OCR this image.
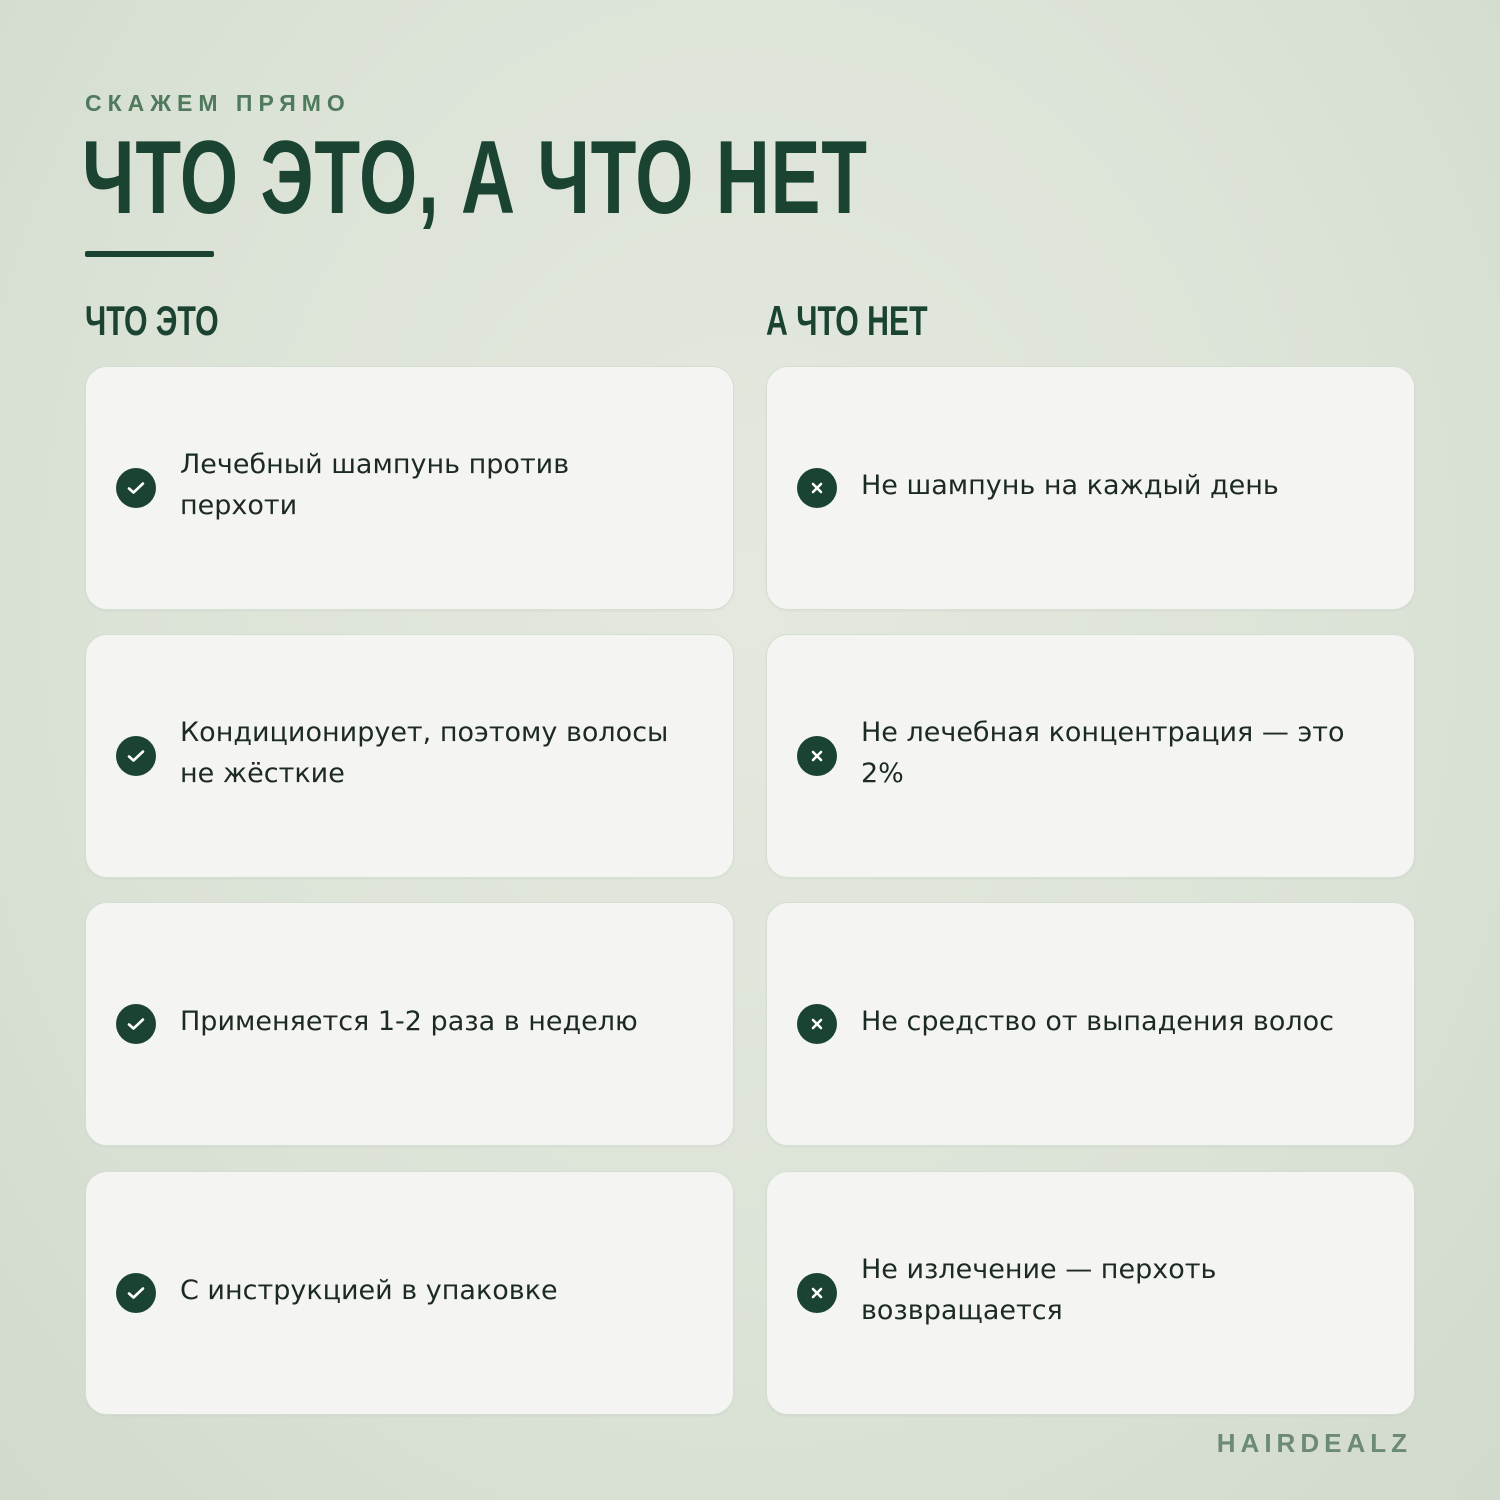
СКАЖЕМ ПРЯМО
ЧТО ЭТО, А ЧТО НЕТ
ЧТО ЭТО	А ЧТО НЕТ
Лечебный шампунь против перхоти
Кондиционирует, поэтому волосы не жёсткие
Применяется 1-2 раза в неделю
С инструкцией в упаковке
Не шампунь на каждый день
Не лечебная концентрация — это 2%
Не средство от выпадения волос
Не излечение — перхоть возвращается
HAIRDEALZ
